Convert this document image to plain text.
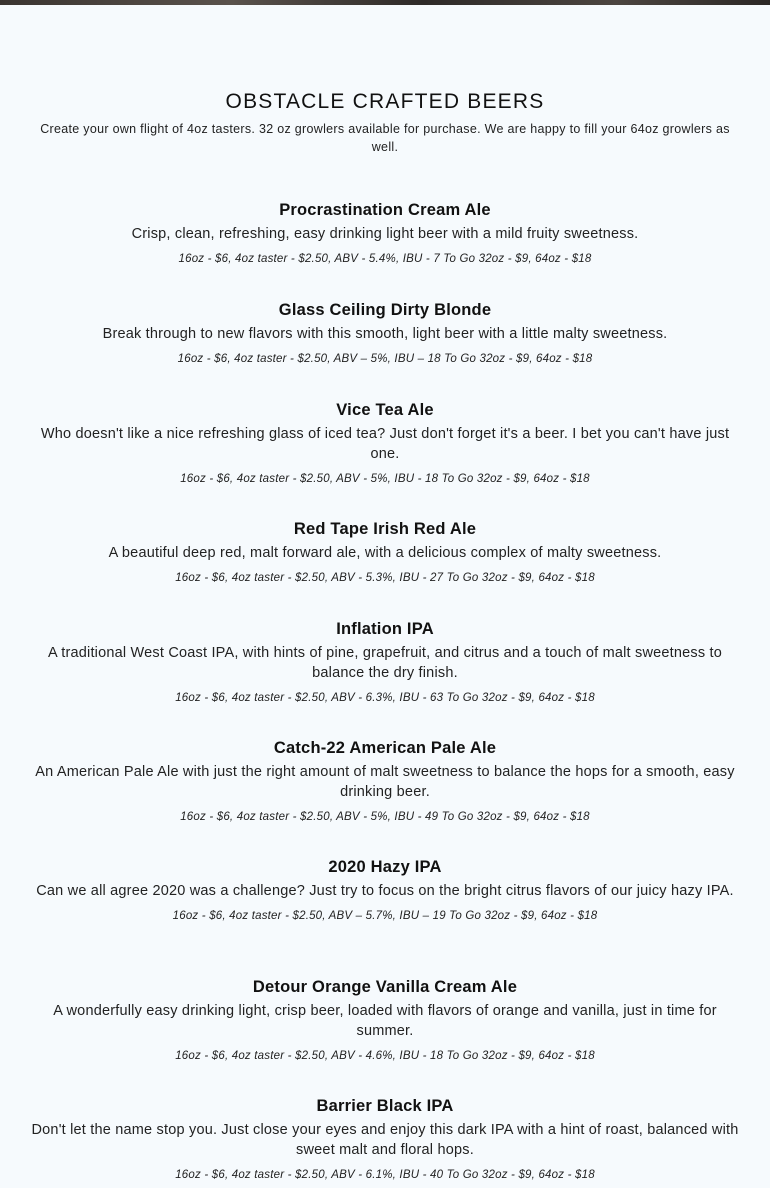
OBSTACLE CRAFTED BEERS

Create your own flight of 4oz tasters. 32 oz growlers available for purchase. We are happy to fill your 64oz growlers as well.

Procrastination Cream Ale

Crisp, clean, refreshing, easy drinking light beer with a mild fruity sweetness.

16oz - $6, 4oz taster - $2.50, ABV - 5.4%, IBU - 7 To Go 32oz - $9, 64oz - $18

Glass Ceiling Dirty Blonde

Break through to new flavors with this smooth, light beer with a little malty sweetness.

16oz - $6, 4oz taster - $2.50, ABV – 5%, IBU – 18 To Go 32oz - $9, 64oz - $18

Vice Tea Ale

Who doesn't like a nice refreshing glass of iced tea? Just don't forget it's a beer. I bet you can't have just one.

16oz - $6, 4oz taster - $2.50, ABV - 5%, IBU - 18 To Go 32oz - $9, 64oz - $18

Red Tape Irish Red Ale

A beautiful deep red, malt forward ale, with a delicious complex of malty sweetness.

16oz - $6, 4oz taster - $2.50, ABV - 5.3%, IBU - 27 To Go 32oz - $9, 64oz - $18

Inflation IPA

A traditional West Coast IPA, with hints of pine, grapefruit, and citrus and a touch of malt sweetness to balance the dry finish.

16oz - $6, 4oz taster - $2.50, ABV - 6.3%, IBU - 63 To Go 32oz - $9, 64oz - $18

Catch-22 American Pale Ale

An American Pale Ale with just the right amount of malt sweetness to balance the hops for a smooth, easy drinking beer.

16oz - $6, 4oz taster - $2.50, ABV - 5%, IBU - 49 To Go 32oz - $9, 64oz - $18

2020 Hazy IPA

Can we all agree 2020 was a challenge? Just try to focus on the bright citrus flavors of our juicy hazy IPA.

16oz - $6, 4oz taster - $2.50, ABV – 5.7%, IBU – 19 To Go 32oz - $9, 64oz - $18

Detour Orange Vanilla Cream Ale

A wonderfully easy drinking light, crisp beer, loaded with flavors of orange and vanilla, just in time for summer.

16oz - $6, 4oz taster - $2.50, ABV - 4.6%, IBU - 18 To Go 32oz - $9, 64oz - $18

Barrier Black IPA

Don't let the name stop you. Just close your eyes and enjoy this dark IPA with a hint of roast, balanced with sweet malt and floral hops.

16oz - $6, 4oz taster - $2.50, ABV - 6.1%, IBU - 40 To Go 32oz - $9, 64oz - $18
